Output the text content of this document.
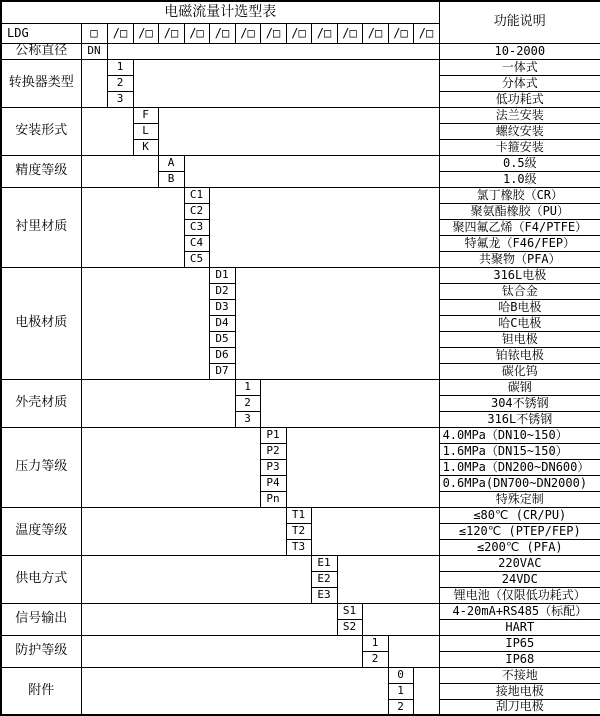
电磁流量计选型表															功能说明
LDG	□	/□	/□	/□	/□	/□	/□	/□	/□	/□	/□	/□	/□	/□	
公称直径	DN														10-2000
转换器类型		1													一体式
		2													分体式
		3													低功耗式
安装形式			F												法兰安装
			L												螺纹安装
			K												卡箍安装
精度等级				A											0.5级
				B											1.0级
衬里材质					C1										氯丁橡胶（CR）
					C2										聚氨酯橡胶（PU）
					C3										聚四氟乙烯（F4/PTFE）
					C4										特氟龙（F46/FEP）
					C5										共聚物（PFA）
电极材质						D1									316L电极
						D2									钛合金
						D3									哈B电极
						D4									哈C电极
						D5									钽电极
						D6									铂铱电极
						D7									碳化钨
外壳材质							1								碳钢
							2								304不锈钢
							3								316L不锈钢
压力等级								P1							4.0MPa（DN10~150）
								P2							1.6MPa（DN15~150）
								P3							1.0MPa（DN200~DN600）
								P4							0.6MPa(DN700~DN2000)
								Pn							特殊定制
温度等级									T1						≤80℃ (CR/PU)
									T2						≤120℃ (PTEP/FEP)
									T3						≤200℃ (PFA)
供电方式										E1					220VAC
										E2					24VDC
										E3					锂电池（仅限低功耗式）
信号输出											S1				4-20mA+RS485（标配）
											S2				HART
防护等级												1			IP65
												2			IP68
附件													0		不接地
													1		接地电极
													2		刮刀电极
